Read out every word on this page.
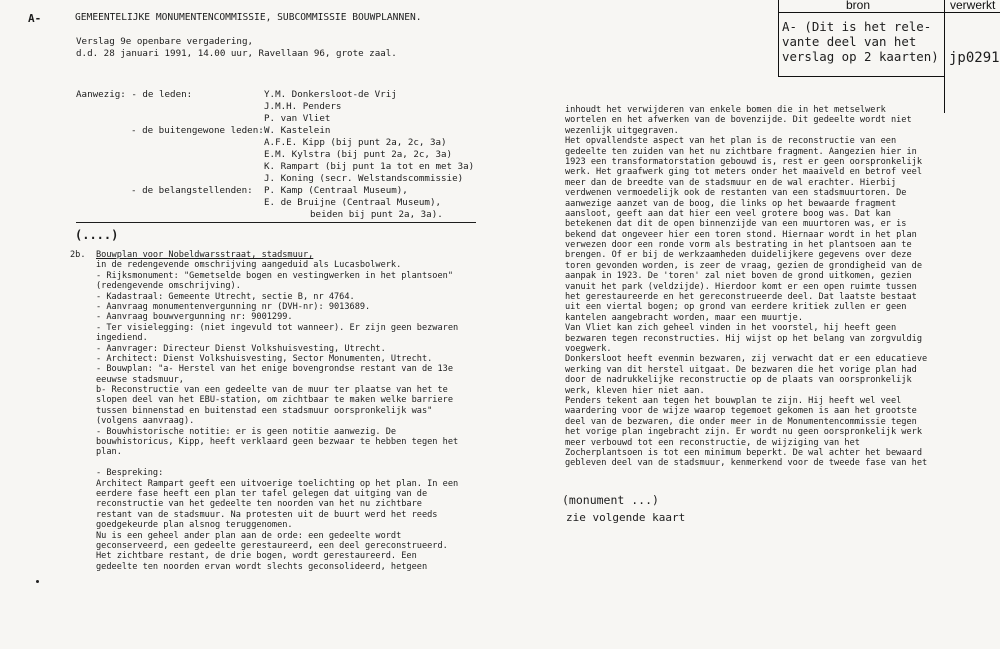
A-	GEMEENTELIJKE MONUMENTENCOMMISSIE, SUBCOMMISSIE BOUWPLANNEN.
Verslag 9e openbare vergadering,
d.d. 28 januari 1991, 14.00 uur, Ravellaan 96, grote zaal.
bron	verwerkt
A- (Dit is het rele-
vante deel van het
verslag op 2 kaarten) jp0291
Aanwezig: - de leden:	Y.M. Donkersloot-de Vrij
J.M.H. Penders
P. van Vliet
- de buitengewone leden: W. Kastelein
A.F.E. Kipp (bij punt 2a, 2c, 3a)
E.M. Kylstra (bij punt 2a, 2c, 3a)
K. Rampart (bij punt 1a tot en met 3a)
J. Koning (secr. Welstandscommissie)
- de belangstellenden: P. Kamp (Centraal Museum),
E. de Bruijne (Centraal Museum),
beiden bij punt 2a, 3a).
(....)
2b. Bouwplan voor Nobeldwarsstraat, stadsmuur,

in de redengevende omschrijving aangeduid als Lucasbolwerk.

- Rijksmonument: "Gemetselde bogen en vestingwerken in het plantsoen"

(redengevende omschrijving).

- Kadastraal: Gemeente Utrecht, sectie B, nr 4764.

- Aanvraag monumentenvergunning nr (DVH-nr): 9013689.

- Aanvraag bouwvergunning nr: 9001299.

- Ter visielegging: (niet ingevuld tot wanneer). Er zijn geen bezwaren

ingediend.

- Aanvrager: Directeur Dienst Volkshuisvesting, Utrecht.

- Architect: Dienst Volkshuisvesting, Sector Monumenten, Utrecht.

- Bouwplan: "a- Herstel van het enige bovengrondse restant van de 13e

eeuwse stadsmuur,

b- Reconstructie van een gedeelte van de muur ter plaatse van het te

slopen deel van het EBU-station, om zichtbaar te maken welke barriere

tussen binnenstad en buitenstad een stadsmuur oorspronkelijk was"

(volgens aanvraag).

- Bouwhistorische notitie: er is geen notitie aanwezig. De

bouwhistoricus, Kipp, heeft verklaard geen bezwaar te hebben tegen het

plan.

- Bespreking:

Architect Rampart geeft een uitvoerige toelichting op het plan. In een

eerdere fase heeft een plan ter tafel gelegen dat uitging van de

reconstructie van het gedeelte ten noorden van het nu zichtbare

restant van de stadsmuur. Na protesten uit de buurt werd het reeds

goedgekeurde plan alsnog teruggenomen.

Nu is een geheel ander plan aan de orde: een gedeelte wordt

geconserveerd, een gedeelte gerestaureerd, een deel gereconstrueerd.

Het zichtbare restant, de drie bogen, wordt gerestaureerd. Een

gedeelte ten noorden ervan wordt slechts geconsolideerd, hetgeen

inhoudt het verwijderen van enkele bomen die in het metselwerk

wortelen en het afwerken van de bovenzijde. Dit gedeelte wordt niet

wezenlijk uitgegraven.

Het opvallendste aspect van het plan is de reconstructie van een

gedeelte ten zuiden van het nu zichtbare fragment. Aangezien hier in

1923 een transformatorstation gebouwd is, rest er geen oorspronkelijk

werk. Het graafwerk ging tot meters onder het maaiveld en betrof veel

meer dan de breedte van de stadsmuur en de wal erachter. Hierbij

verdwenen vermoedelijk ook de restanten van een stadsmuurtoren. De

aanwezige aanzet van de boog, die links op het bewaarde fragment

aansloot, geeft aan dat hier een veel grotere boog was. Dat kan

betekenen dat dit de open binnenzijde van een muurtoren was, er is

bekend dat ongeveer hier een toren stond. Hiernaar wordt in het plan

verwezen door een ronde vorm als bestrating in het plantsoen aan te

brengen. Of er bij de werkzaamheden duidelijkere gegevens over deze

toren gevonden worden, is zeer de vraag, gezien de grondigheid van de

aanpak in 1923. De 'toren' zal niet boven de grond uitkomen, gezien

vanuit het park (veldzijde). Hierdoor komt er een open ruimte tussen

het gerestaureerde en het gereconstrueerde deel. Dat laatste bestaat

uit een viertal bogen; op grond van eerdere kritiek zullen er geen

kantelen aangebracht worden, maar een muurtje.

Van Vliet kan zich geheel vinden in het voorstel, hij heeft geen

bezwaren tegen reconstructies. Hij wijst op het belang van zorgvuldig

voegwerk.

Donkersloot heeft evenmin bezwaren, zij verwacht dat er een educatieve

werking van dit herstel uitgaat. De bezwaren die het vorige plan had

door de nadrukkelijke reconstructie op de plaats van oorspronkelijk

werk, kleven hier niet aan.

Penders tekent aan tegen het bouwplan te zijn. Hij heeft wel veel

waardering voor de wijze waarop tegemoet gekomen is aan het grootste

deel van de bezwaren, die onder meer in de Monumentencommissie tegen

het vorige plan ingebracht zijn. Er wordt nu geen oorspronkelijk werk

meer verbouwd tot een reconstructie, de wijziging van het

Zocherplantsoen is tot een minimum beperkt. De wal achter het bewaard

gebleven deel van de stadsmuur, kenmerkend voor de tweede fase van het

(monument ...)
zie volgende kaart
